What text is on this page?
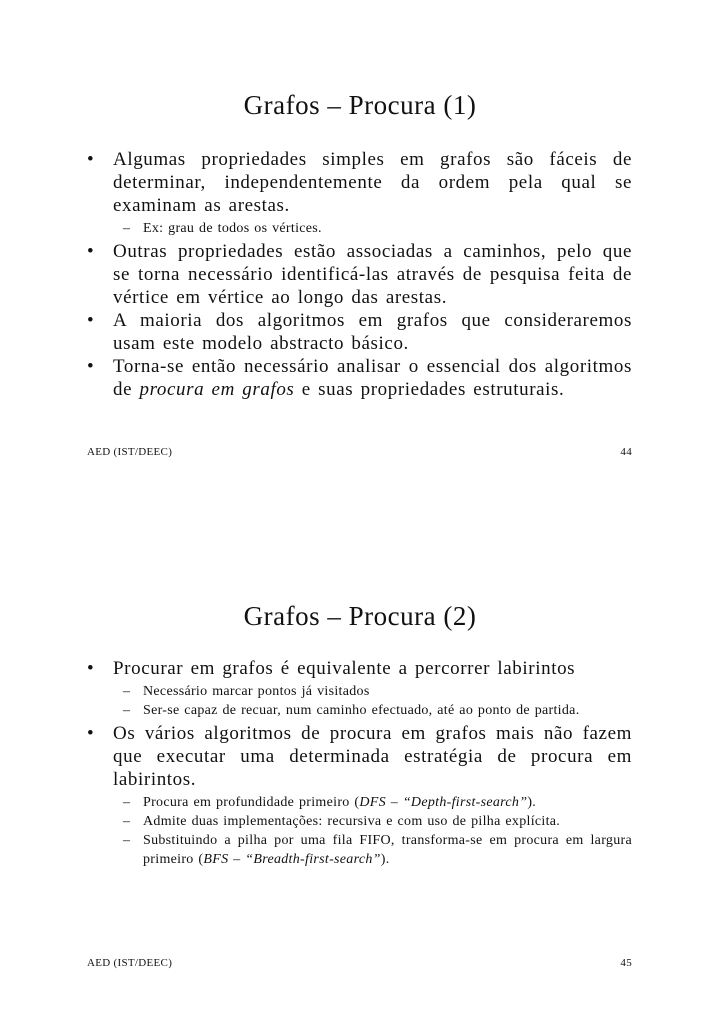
Grafos – Procura (1)
• Algumas propriedades simples em grafos são fáceis de determinar, independentemente da ordem pela qual se examinam as arestas.
– Ex: grau de todos os vértices.
• Outras propriedades estão associadas a caminhos, pelo que se torna necessário identificá-las através de pesquisa feita de vértice em vértice ao longo das arestas.
• A maioria dos algoritmos em grafos que consideraremos usam este modelo abstracto básico.
• Torna-se então necessário analisar o essencial dos algoritmos de procura em grafos e suas propriedades estruturais.
AED (IST/DEEC)	44
Grafos – Procura (2)
• Procurar em grafos é equivalente a percorrer labirintos
– Necessário marcar pontos já visitados
– Ser-se capaz de recuar, num caminho efectuado, até ao ponto de partida.
• Os vários algoritmos de procura em grafos mais não fazem que executar uma determinada estratégia de procura em labirintos.
– Procura em profundidade primeiro (DFS – “Depth-first-search”).
– Admite duas implementações: recursiva e com uso de pilha explícita.
– Substituindo a pilha por uma fila FIFO, transforma-se em procura em largura primeiro (BFS – “Breadth-first-search”).
AED (IST/DEEC)	45
